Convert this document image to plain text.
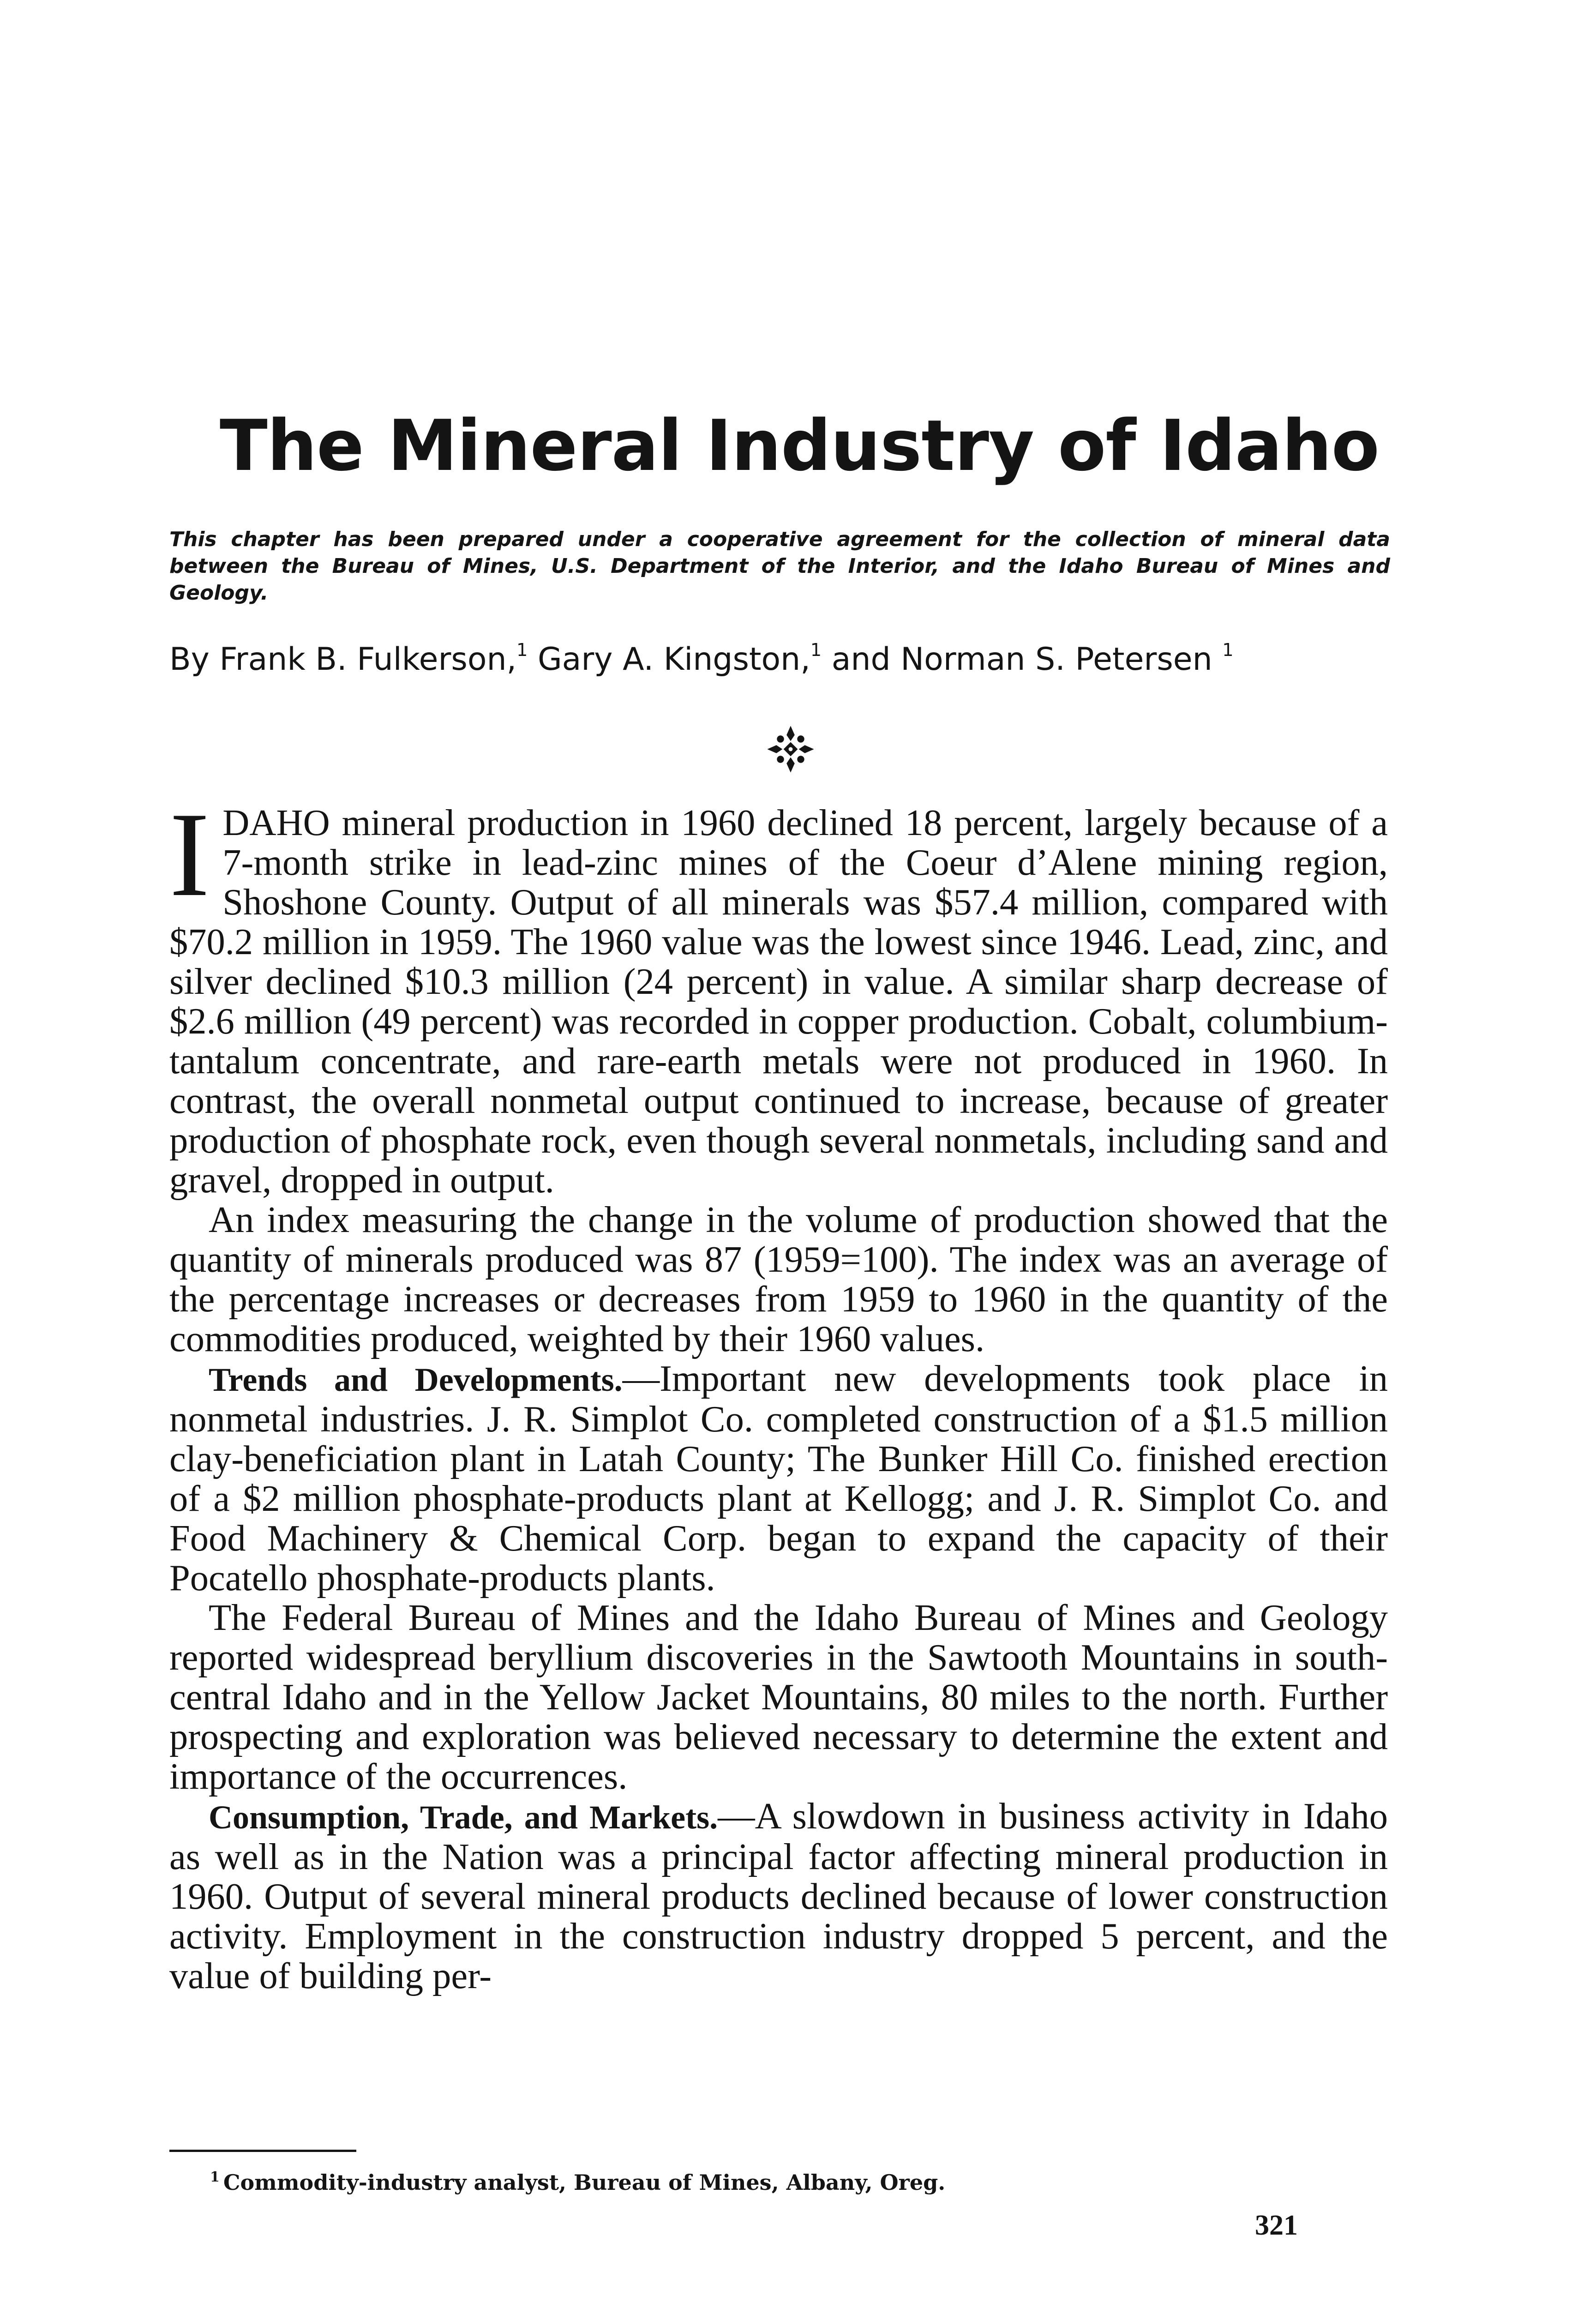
The Mineral Industry of Idaho

This chapter has been prepared under a cooperative agreement for the collection of mineral data between the Bureau of Mines, U.S. Department of the Interior, and the Idaho Bureau of Mines and Geology.

By Frank B. Fulkerson,$^1$ Gary A. Kingston,$^1$ and Norman S. Petersen $^1$

IDAHO mineral production in 1960 declined 18 percent, largely because of a 7-month strike in lead-zinc mines of the Coeur d’Alene mining region, Shoshone County. Output of all minerals was $57.4 million, compared with $70.2 million in 1959. The 1960 value was the lowest since 1946. Lead, zinc, and silver declined $10.3 million (24 percent) in value. A similar sharp decrease of $2.6 million (49 percent) was recorded in copper production. Cobalt, columbium-tantalum concentrate, and rare-earth metals were not produced in 1960. In contrast, the overall nonmetal output continued to increase, because of greater production of phosphate rock, even though several nonmetals, including sand and gravel, dropped in output.

An index measuring the change in the volume of production showed that the quantity of minerals produced was 87 (1959=100). The index was an average of the percentage increases or decreases from 1959 to 1960 in the quantity of the commodities produced, weighted by their 1960 values.

Trends and Developments.—Important new developments took place in nonmetal industries. J. R. Simplot Co. completed construction of a $1.5 million clay-beneficiation plant in Latah County; The Bunker Hill Co. finished erection of a $2 million phosphate-products plant at Kellogg; and J. R. Simplot Co. and Food Machinery & Chemical Corp. began to expand the capacity of their Pocatello phosphate-products plants.

The Federal Bureau of Mines and the Idaho Bureau of Mines and Geology reported widespread beryllium discoveries in the Sawtooth Mountains in south-central Idaho and in the Yellow Jacket Mountains, 80 miles to the north. Further prospecting and exploration was believed necessary to determine the extent and importance of the occurrences.

Consumption, Trade, and Markets.—A slowdown in business activity in Idaho as well as in the Nation was a principal factor affecting mineral production in 1960. Output of several mineral products declined because of lower construction activity. Employment in the construction industry dropped 5 percent, and the value of building per-

$^1$ Commodity-industry analyst, Bureau of Mines, Albany, Oreg.

321
